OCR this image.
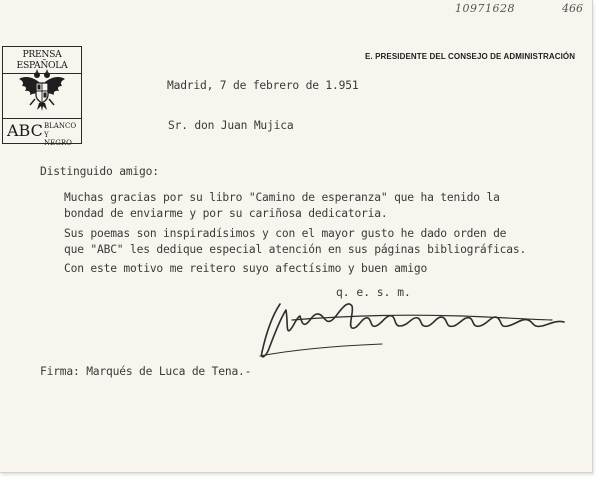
10971628	466
PRENSA ESPAÑOLA
ABC BLANCO Y
NEGRO
E. PRESIDENTE DEL CONSEJO DE ADMINISTRACIÓN
Madrid, 7 de febrero de 1.951
Sr. don Juan Mujica
Distinguido amigo:
Muchas gracias por su libro "Camino de esperanza" que ha tenido la
bondad de enviarme y por su cariñosa dedicatoria.
Sus poemas son inspiradísimos y con el mayor gusto he dado orden de
que "ABC" les dedique especial atención en sus páginas bibliográficas.
Con este motivo me reitero suyo afectísimo y buen amigo
q. e. s. m.
Firma: Marqués de Luca de Tena.-
